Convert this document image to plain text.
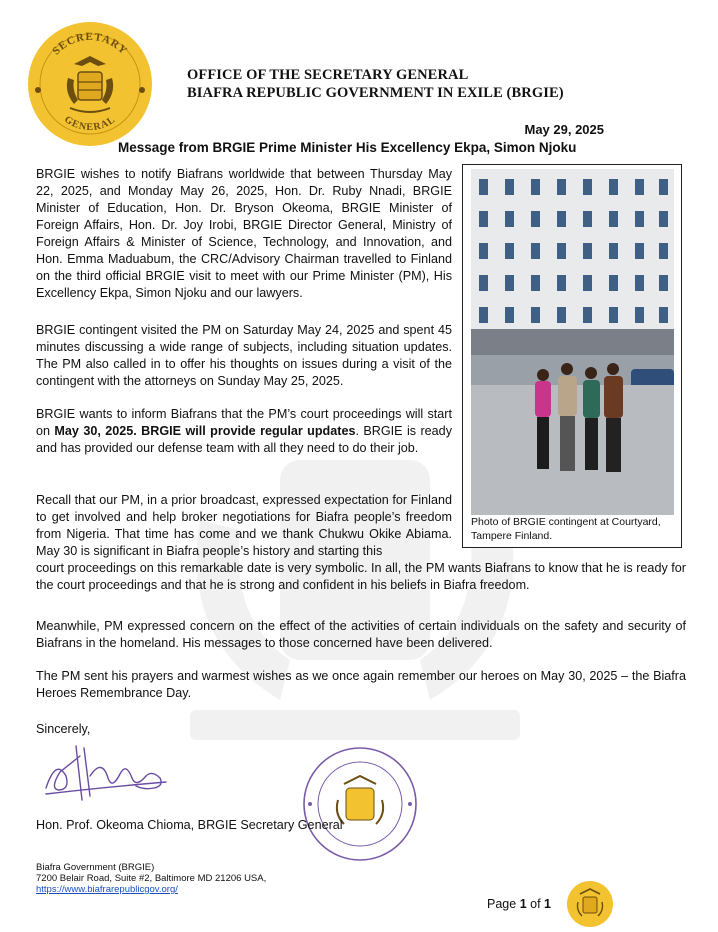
SECRETARY
GENERAL
OFFICE OF THE SECRETARY GENERAL
BIAFRA REPUBLIC GOVERNMENT IN EXILE (BRGIE)
May 29, 2025
Message from BRGIE Prime Minister His Excellency Ekpa, Simon Njoku

BRGIE wishes to notify Biafrans worldwide that between Thursday May 22, 2025, and Monday May 26, 2025, Hon. Dr. Ruby Nnadi, BRGIE Minister of Education, Hon. Dr. Bryson Okeoma, BRGIE Minister of Foreign Affairs, Hon. Dr. Joy Irobi, BRGIE Director General, Ministry of Foreign Affairs & Minister of Science, Technology, and Innovation, and Hon. Emma Maduabum, the CRC/Advisory Chairman travelled to Finland on the third official BRGIE visit to meet with our Prime Minister (PM), His Excellency Ekpa, Simon Njoku and our lawyers.

BRGIE contingent visited the PM on Saturday May 24, 2025 and spent 45 minutes discussing a wide range of subjects, including situation updates. The PM also called in to offer his thoughts on issues during a visit of the contingent with the attorneys on Sunday May 25, 2025.

BRGIE wants to inform Biafrans that the PM’s court proceedings will start on May 30, 2025. BRGIE will provide regular updates. BRGIE is ready and has provided our defense team with all they need to do their job.

Recall that our PM, in a prior broadcast, expressed expectation for Finland to get involved and help broker negotiations for Biafra people’s freedom from Nigeria. That time has come and we thank Chukwu Okike Abiama. May 30 is significant in Biafra people’s history and starting this

court proceedings on this remarkable date is very symbolic. In all, the PM wants Biafrans to know that he is ready for the court proceedings and that he is strong and confident in his beliefs in Biafra freedom.

Meanwhile, PM expressed concern on the effect of the activities of certain individuals on the safety and security of Biafrans in the homeland. His messages to those concerned have been delivered.

The PM sent his prayers and warmest wishes as we once again remember our heroes on May 30, 2025 – the Biafra Heroes Remembrance Day.

Photo of BRGIE contingent at Courtyard, Tampere Finland.
Sincerely,
Hon. Prof. Okeoma Chioma, BRGIE Secretary General
Biafra Government (BRGIE)
7200 Belair Road, Suite #2, Baltimore MD 21206 USA,
https://www.biafrarepublicgov.org/
Page 1 of 1
